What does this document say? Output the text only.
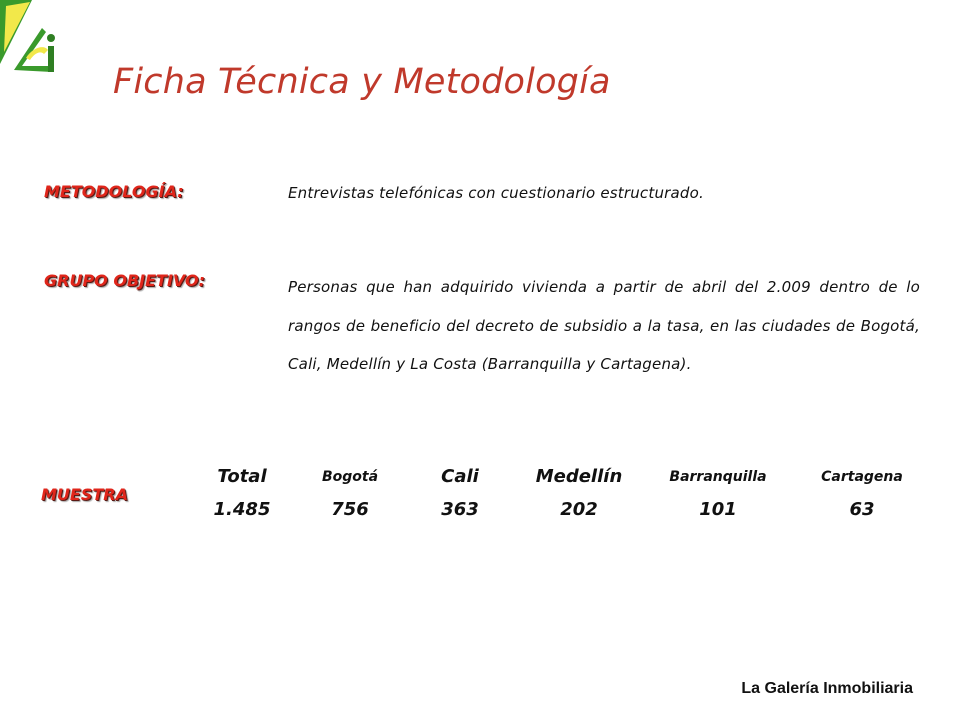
Ficha Técnica y Metodología
METODOLOGÍA:	Entrevistas telefónicas con cuestionario estructurado.
GRUPO OBJETIVO:	Personas que han adquirido vivienda a partir de abril del 2.009 dentro de lo rangos de beneficio del decreto de subsidio a la tasa, en las ciudades de Bogotá, Cali, Medellín y La Costa (Barranquilla y Cartagena).
MUESTRA
Total
1.485
Bogotá
756
Cali
363
Medellín
202
Barranquilla
101
Cartagena
63
La Galería Inmobiliaria
